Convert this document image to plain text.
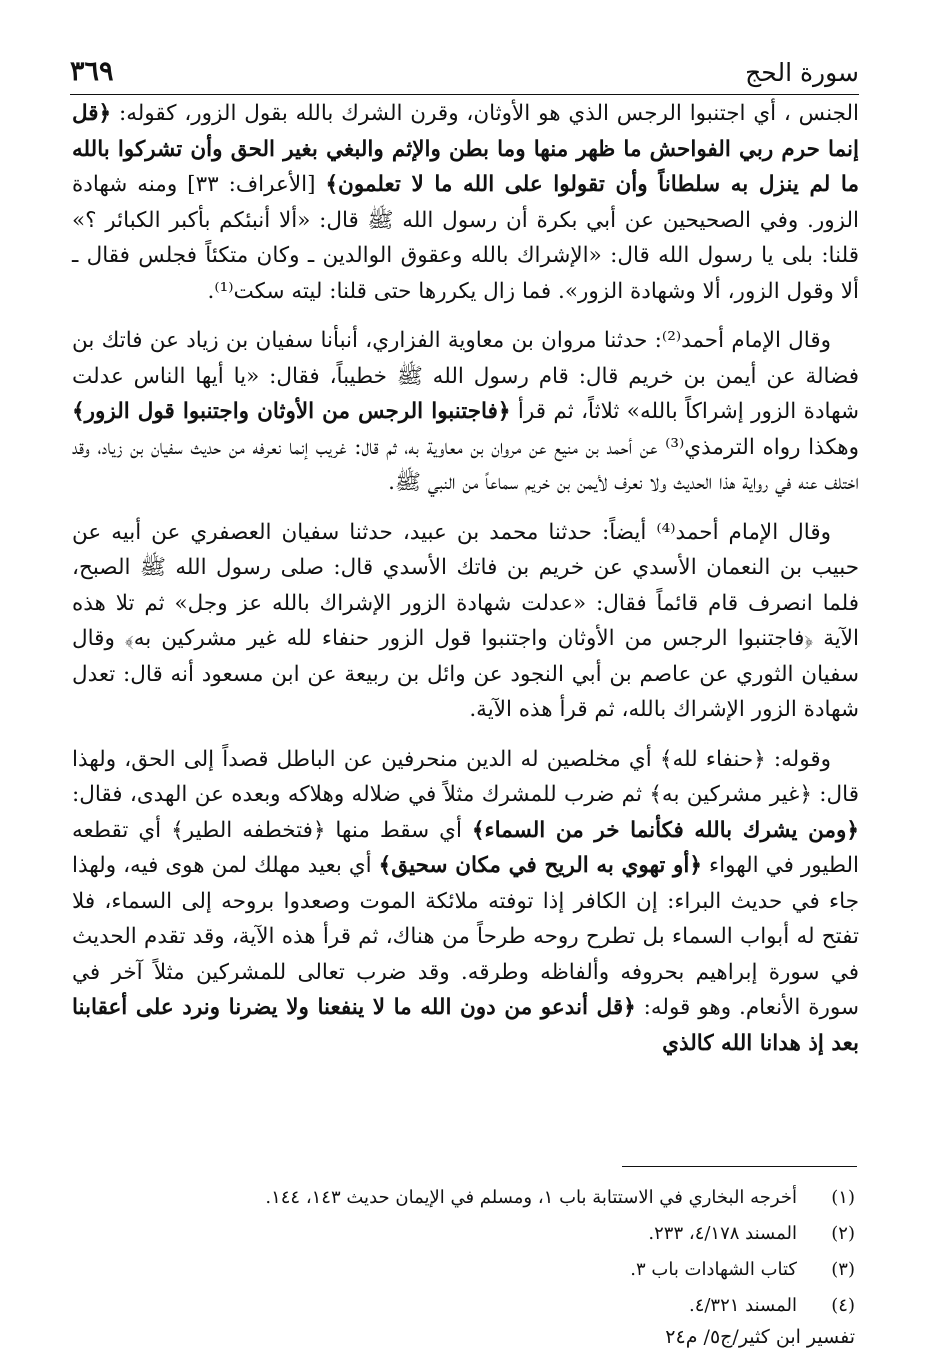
سورة الحج
٣٦٩

الجنس ، أي اجتنبوا الرجس الذي هو الأوثان، وقرن الشرك بالله بقول الزور، كقوله: ﴿قل إنما حرم ربي الفواحش ما ظهر منها وما بطن والإثم والبغي بغير الحق وأن تشركوا بالله ما لم ينزل به سلطاناً وأن تقولوا على الله ما لا تعلمون﴾ [الأعراف: ٣٣] ومنه شهادة الزور. وفي الصحيحين عن أبي بكرة أن رسول الله ﷺ قال: «ألا أنبئكم بأكبر الكبائر ؟» قلنا: بلى يا رسول الله قال: «الإشراك بالله وعقوق الوالدين ـ وكان متكئاً فجلس فقال ـ ألا وقول الزور، ألا وشهادة الزور». فما زال يكررها حتى قلنا: ليته سكت⁽¹⁾.

وقال الإمام أحمد⁽²⁾: حدثنا مروان بن معاوية الفزاري، أنبأنا سفيان بن زياد عن فاتك بن فضالة عن أيمن بن خريم قال: قام رسول الله ﷺ خطيباً، فقال: «يا أيها الناس عدلت شهادة الزور إشراكاً بالله» ثلاثاً، ثم قرأ ﴿فاجتنبوا الرجس من الأوثان واجتنبوا قول الزور﴾ وهكذا رواه الترمذي⁽³⁾ عن أحمد بن منيع عن مروان بن معاوية به، ثم قال: غريب إنما نعرفه من حديث سفيان بن زياد، وقد اختلف عنه في رواية هذا الحديث ولا نعرف لأيمن بن خريم سماعاً من النبي ﷺ.

وقال الإمام أحمد⁽⁴⁾ أيضاً: حدثنا محمد بن عبيد، حدثنا سفيان العصفري عن أبيه عن حبيب بن النعمان الأسدي عن خريم بن فاتك الأسدي قال: صلى رسول الله ﷺ الصبح، فلما انصرف قام قائماً فقال: «عدلت شهادة الزور الإشراك بالله عز وجل» ثم تلا هذه الآية ﴿فاجتنبوا الرجس من الأوثان واجتنبوا قول الزور حنفاء لله غير مشركين به﴾ وقال سفيان الثوري عن عاصم بن أبي النجود عن وائل بن ربيعة عن ابن مسعود أنه قال: تعدل شهادة الزور الإشراك بالله، ثم قرأ هذه الآية.

وقوله: ﴿حنفاء لله﴾ أي مخلصين له الدين منحرفين عن الباطل قصداً إلى الحق، ولهذا قال: ﴿غير مشركين به﴾ ثم ضرب للمشرك مثلاً في ضلاله وهلاكه وبعده عن الهدى، فقال: ﴿ومن يشرك بالله فكأنما خر من السماء﴾ أي سقط منها ﴿فتخطفه الطير﴾ أي تقطعه الطيور في الهواء ﴿أو تهوي به الريح في مكان سحيق﴾ أي بعيد مهلك لمن هوى فيه، ولهذا جاء في حديث البراء: إن الكافر إذا توفته ملائكة الموت وصعدوا بروحه إلى السماء، فلا تفتح له أبواب السماء بل تطرح روحه طرحاً من هناك، ثم قرأ هذه الآية، وقد تقدم الحديث في سورة إبراهيم بحروفه وألفاظه وطرقه. وقد ضرب تعالى للمشركين مثلاً آخر في سورة الأنعام. وهو قوله: ﴿قل أندعو من دون الله ما لا ينفعنا ولا يضرنا ونرد على أعقابنا بعد إذ هدانا الله كالذي

(١)
أخرجه البخاري في الاستتابة باب ١، ومسلم في الإيمان حديث ١٤٣، ١٤٤.
(٢)
المسند ٤/١٧٨، ٢٣٣.
(٣)
كتاب الشهادات باب ٣.
(٤)
المسند ٤/٣٢١.
تفسير ابن كثير/ج٥/ م٢٤
